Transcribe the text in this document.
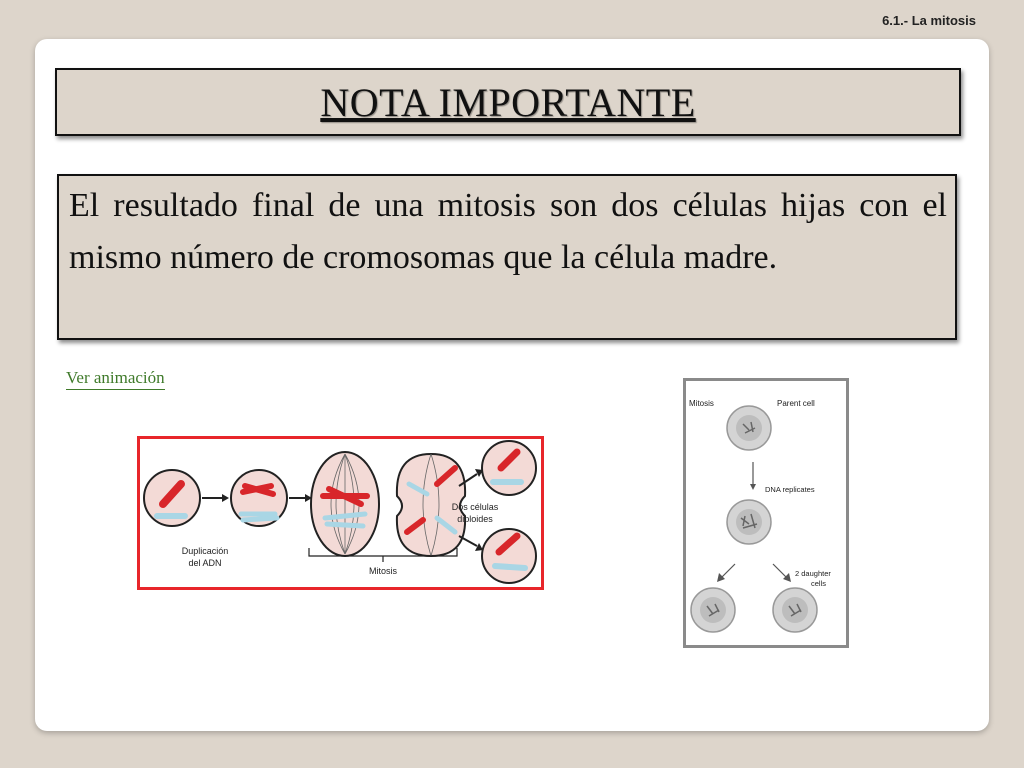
6.1.- La mitosis
NOTA IMPORTANTE
El resultado final de una mitosis son dos células hijas con el mismo número de cromosomas que la célula madre.
Ver animación
Duplicación
del ADN
Mitosis
Dos células
diploides
Mitosis	Parent cell
DNA replicates
2 daughter
cells
